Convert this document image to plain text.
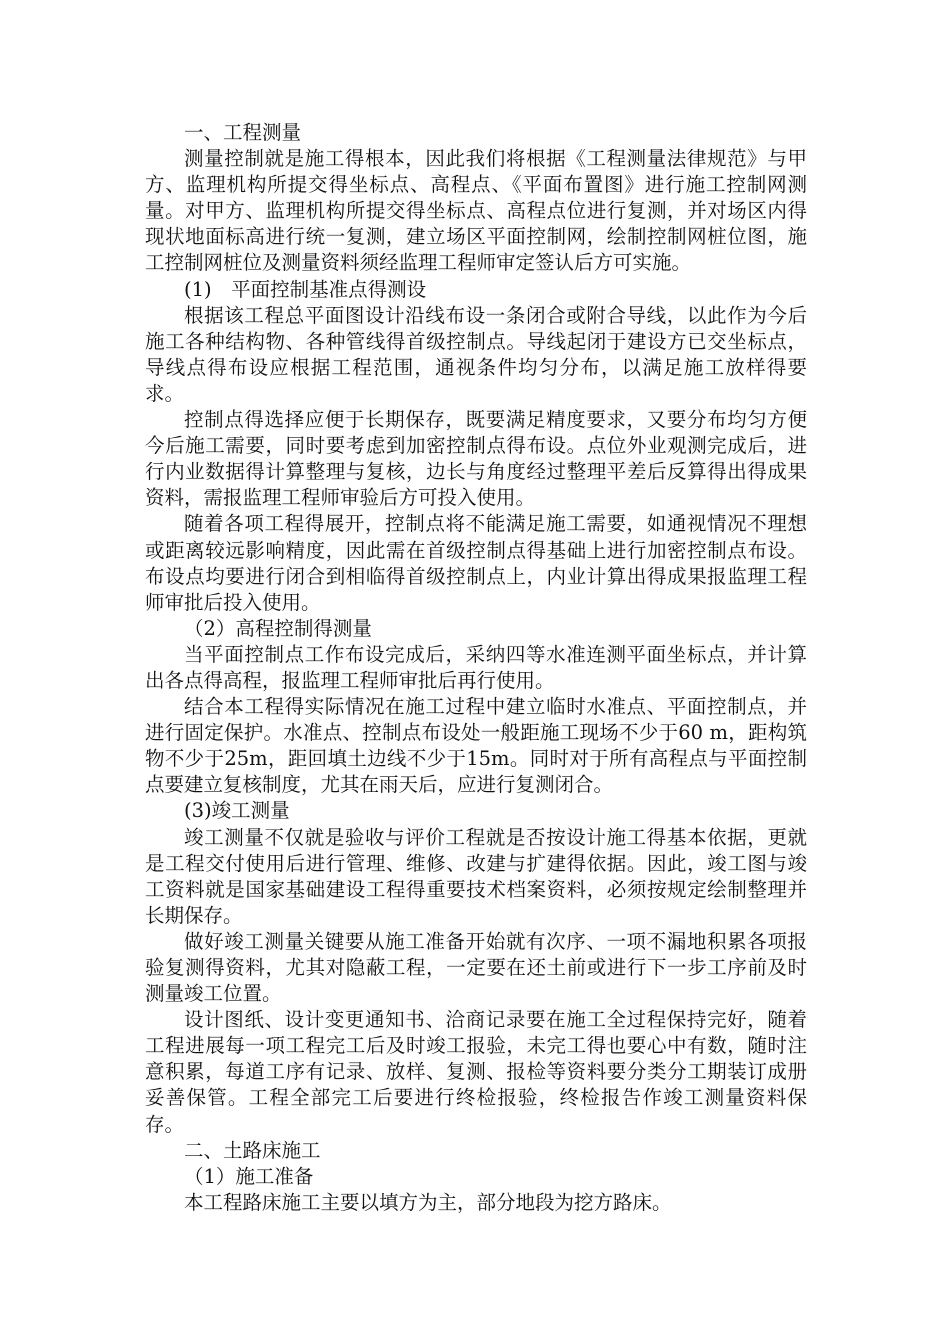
一、工程测量

测量控制就是施工得根本，因此我们将根据《工程测量法律规范》与甲方、监理机构所提交得坐标点、高程点、《平面布置图》进行施工控制网测量。对甲方、监理机构所提交得坐标点、高程点位进行复测，并对场区内得现状地面标高进行统一复测，建立场区平面控制网，绘制控制网桩位图，施工控制网桩位及测量资料须经监理工程师审定签认后方可实施。

(1)　平面控制基准点得测设

根据该工程总平面图设计沿线布设一条闭合或附合导线，以此作为今后施工各种结构物、各种管线得首级控制点。导线起闭于建设方已交坐标点，导线点得布设应根据工程范围，通视条件均匀分布，以满足施工放样得要求。

控制点得选择应便于长期保存，既要满足精度要求，又要分布均匀方便今后施工需要，同时要考虑到加密控制点得布设。点位外业观测完成后，进行内业数据得计算整理与复核，边长与角度经过整理平差后反算得出得成果资料，需报监理工程师审验后方可投入使用。

随着各项工程得展开，控制点将不能满足施工需要，如通视情况不理想或距离较远影响精度，因此需在首级控制点得基础上进行加密控制点布设。布设点均要进行闭合到相临得首级控制点上，内业计算出得成果报监理工程师审批后投入使用。

（2）高程控制得测量

当平面控制点工作布设完成后，采纳四等水准连测平面坐标点，并计算出各点得高程，报监理工程师审批后再行使用。

结合本工程得实际情况在施工过程中建立临时水准点、平面控制点，并进行固定保护。水准点、控制点布设处一般距施工现场不少于60 m，距构筑物不少于25m，距回填土边线不少于15m。同时对于所有高程点与平面控制点要建立复核制度，尤其在雨天后，应进行复测闭合。

(3)竣工测量

竣工测量不仅就是验收与评价工程就是否按设计施工得基本依据，更就是工程交付使用后进行管理、维修、改建与扩建得依据。因此，竣工图与竣工资料就是国家基础建设工程得重要技术档案资料，必须按规定绘制整理并长期保存。

做好竣工测量关键要从施工准备开始就有次序、一项不漏地积累各项报验复测得资料，尤其对隐蔽工程，一定要在还土前或进行下一步工序前及时测量竣工位置。

设计图纸、设计变更通知书、洽商记录要在施工全过程保持完好，随着工程进展每一项工程完工后及时竣工报验，未完工得也要心中有数，随时注意积累，每道工序有记录、放样、复测、报检等资料要分类分工期装订成册妥善保管。工程全部完工后要进行终检报验，终检报告作竣工测量资料保存。

二、土路床施工

（1）施工准备

本工程路床施工主要以填方为主，部分地段为挖方路床。
